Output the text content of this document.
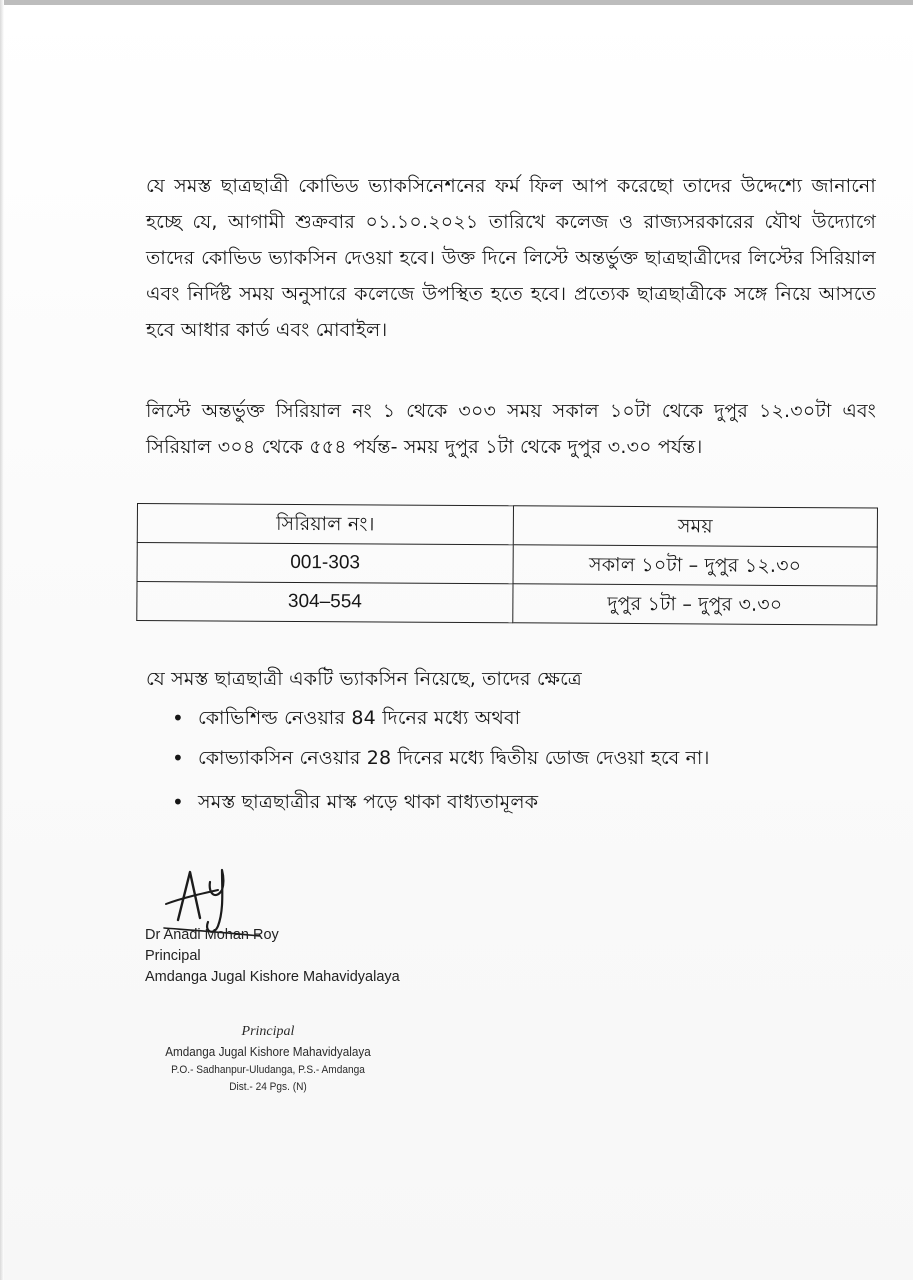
যে সমস্ত ছাত্রছাত্রী কোভিড ভ্যাকসিনেশনের ফর্ম ফিল আপ করেছো তাদের উদ্দেশ্যে জানানো হচ্ছে যে, আগামী শুক্রবার ০১.১০.২০২১ তারিখে কলেজ ও রাজ্যসরকারের যৌথ উদ্যোগে তাদের কোভিড ভ্যাকসিন দেওয়া হবে। উক্ত দিনে লিস্টে অন্তর্ভুক্ত ছাত্রছাত্রীদের লিস্টের সিরিয়াল এবং নির্দিষ্ট সময় অনুসারে কলেজে উপস্থিত হতে হবে। প্রত্যেক ছাত্রছাত্রীকে সঙ্গে নিয়ে আসতে হবে আধার কার্ড এবং মোবাইল।

লিস্টে অন্তর্ভুক্ত সিরিয়াল নং ১ থেকে ৩০৩ সময় সকাল ১০টা থেকে দুপুর ১২.৩০টা এবং সিরিয়াল ৩০৪ থেকে ৫৫৪ পর্যন্ত- সময় দুপুর ১টা থেকে দুপুর ৩.৩০ পর্যন্ত।

সিরিয়াল নং।	সময়
001-303	সকাল ১০টা – দুপুর ১২.৩০
304–554	দুপুর ১টা – দুপুর ৩.৩০

যে সমস্ত ছাত্রছাত্রী একটি ভ্যাকসিন নিয়েছে, তাদের ক্ষেত্রে

• কোভিশিল্ড নেওয়ার 84 দিনের মধ্যে অথবা
• কোভ্যাকসিন নেওয়ার 28 দিনের মধ্যে দ্বিতীয় ডোজ দেওয়া হবে না।
• সমস্ত ছাত্রছাত্রীর মাস্ক পড়ে থাকা বাধ্যতামূলক
Dr Anadi Mohan Roy
Principal
Amdanga Jugal Kishore Mahavidyalaya
Principal
Amdanga Jugal Kishore Mahavidyalaya
P.O.- Sadhanpur-Uludanga, P.S.- Amdanga
Dist.- 24 Pgs. (N)
